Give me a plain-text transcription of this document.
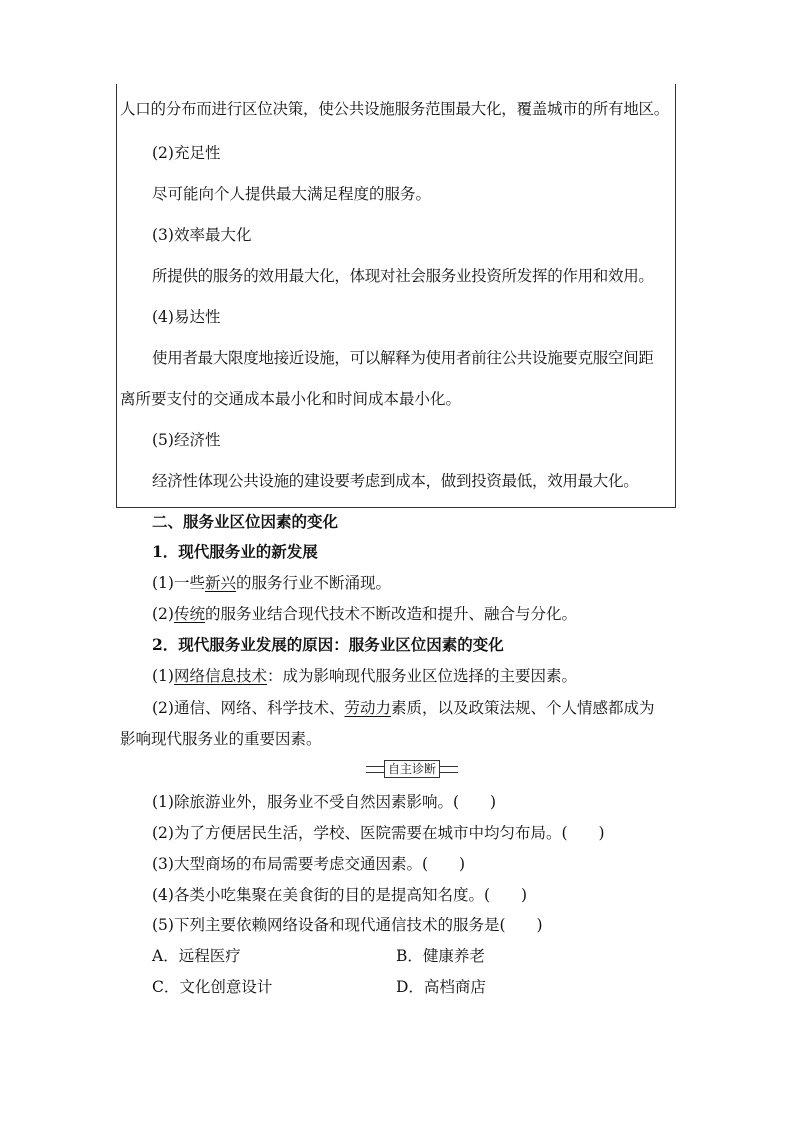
人口的分布而进行区位决策，使公共设施服务范围最大化，覆盖城市的所有地区。
(2)充足性
尽可能向个人提供最大满足程度的服务。
(3)效率最大化
所提供的服务的效用最大化，体现对社会服务业投资所发挥的作用和效用。
(4)易达性
使用者最大限度地接近设施，可以解释为使用者前往公共设施要克服空间距
离所要支付的交通成本最小化和时间成本最小化。
(5)经济性
经济性体现公共设施的建设要考虑到成本，做到投资最低，效用最大化。
二、服务业区位因素的变化
1．现代服务业的新发展
(1)一些新兴的服务行业不断涌现。
(2)传统的服务业结合现代技术不断改造和提升、融合与分化。
2．现代服务业发展的原因：服务业区位因素的变化
(1)网络信息技术：成为影响现代服务业区位选择的主要因素。
(2)通信、网络、科学技术、劳动力素质，以及政策法规、个人情感都成为
影响现代服务业的重要因素。
自主诊断
(1)除旅游业外，服务业不受自然因素影响。(　　)
(2)为了方便居民生活，学校、医院需要在城市中均匀布局。(　　)
(3)大型商场的布局需要考虑交通因素。(　　)
(4)各类小吃集聚在美食街的目的是提高知名度。(　　)
(5)下列主要依赖网络设备和现代通信技术的服务是(　　)
A．远程医疗	B．健康养老
C．文化创意设计	D．高档商店
